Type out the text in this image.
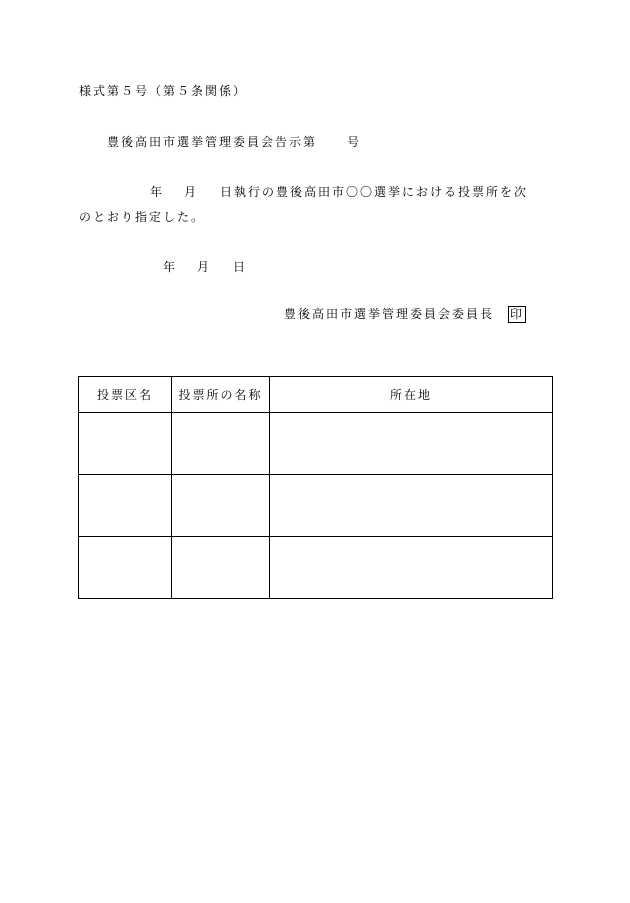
様式第５号（第５条関係）
豊後高田市選挙管理委員会告示第	号
年 月 日執行の豊後高田市〇〇選挙における投票所を次
のとおり指定した。
年 月 日
豊後高田市選挙管理委員会委員長 印
投票区名	投票所の名称	所在地
